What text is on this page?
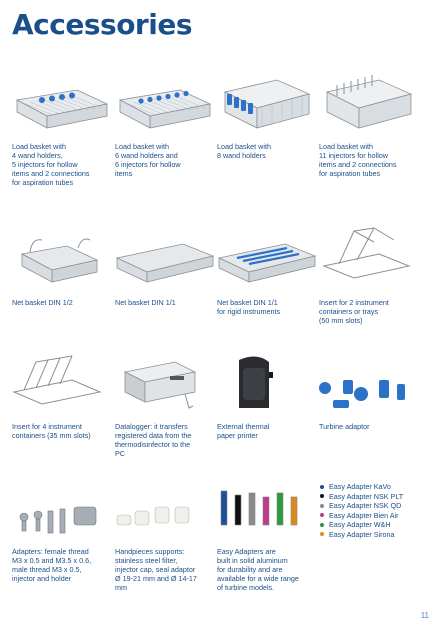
Accessories
Load basket with
4 wand holders,
5 injectors for hollow
items and 2 connections
for aspiration tubes
Load basket with
6 wand holders and
6 injectors for hollow
items
Load basket with
8 wand holders
Load basket with
11 injectors for hollow
items and 2 connections
for aspiration tubes
Net basket DIN 1/2	Net basket DIN 1/1	Net basket DIN 1/1
for rigid instruments
Insert for 2 instrument
containers or trays
(50 mm slots)
Insert for 4 instrument
containers (35 mm slots)
Datalogger: it transfers
registered data from the
thermodisinfector to the
PC
External thermal
paper printer
Turbine adaptor
Adapters: female thread
M3 x 0.5 and M3.5 x 0.6,
male thread M3 x 0.5,
injector and holder
Handpieces supports:
stainless steel filter,
injector cap, seal adaptor
Ø 19-21 mm and Ø 14-17
mm
Easy Adapters are
built in solid aluminum
for durability and are
available for a wide range
of turbine models.
Easy Adapter KaVo
Easy Adapter NSK PLT
Easy Adapter NSK QD
Easy Adapter Bien Air
Easy Adapter W&H
Easy Adapter Sirona
11
